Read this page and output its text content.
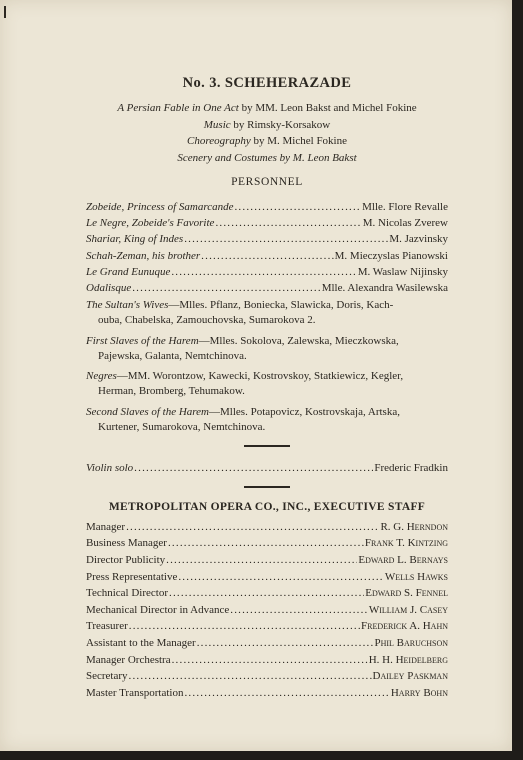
No. 3. SCHEHERAZADE
A Persian Fable in One Act by MM. Leon Bakst and Michel Fokine
Music by Rimsky-Korsakow
Choreography by M. Michel Fokine
Scenery and Costumes by M. Leon Bakst
PERSONNEL
Zobeide, Princess of Samarcande .....	Mlle. Flore Revalle
Le Negre, Zobeide's Favorite .....	M. Nicolas Zverew
Shariar, King of Indes .....	M. Jazvinsky
Schah-Zeman, his brother .....	M. Mieczyslas Pianowski
Le Grand Eunuque .....	M. Waslaw Nijinsky
Odalisque .....	Mlle. Alexandra Wasilewska
The Sultan's Wives—Mlles. Pflanz, Boniecka, Slawicka, Doris, Kach-
ouba, Chabelska, Zamouchovska, Sumarokova 2.
First Slaves of the Harem—Mlles. Sokolova, Zalewska, Mieczkowska,
Pajewska, Galanta, Nemtchinova.
Negres—MM. Worontzow, Kawecki, Kostrovskoy, Statkiewicz, Kegler,
Herman, Bromberg, Tehumakow.
Second Slaves of the Harem—Mlles. Potapovicz, Kostrovskaja, Artska,
Kurtener, Sumarokova, Nemtchinova.
Violin solo .....	Frederic Fradkin
METROPOLITAN OPERA CO., INC., EXECUTIVE STAFF
Manager .....	R. G. Herndon
Business Manager .....	Frank T. Kintzing
Director Publicity .....	Edward L. Bernays
Press Representative .....	Wells Hawks
Technical Director .....	Edward S. Fennel
Mechanical Director in Advance .....	William J. Casey
Treasurer .....	Frederick A. Hahn
Assistant to the Manager .....	Phil Baruchson
Manager Orchestra .....	H. H. Heidelberg
Secretary .....	Dailey Paskman
Master Transportation .....	Harry Bohn
